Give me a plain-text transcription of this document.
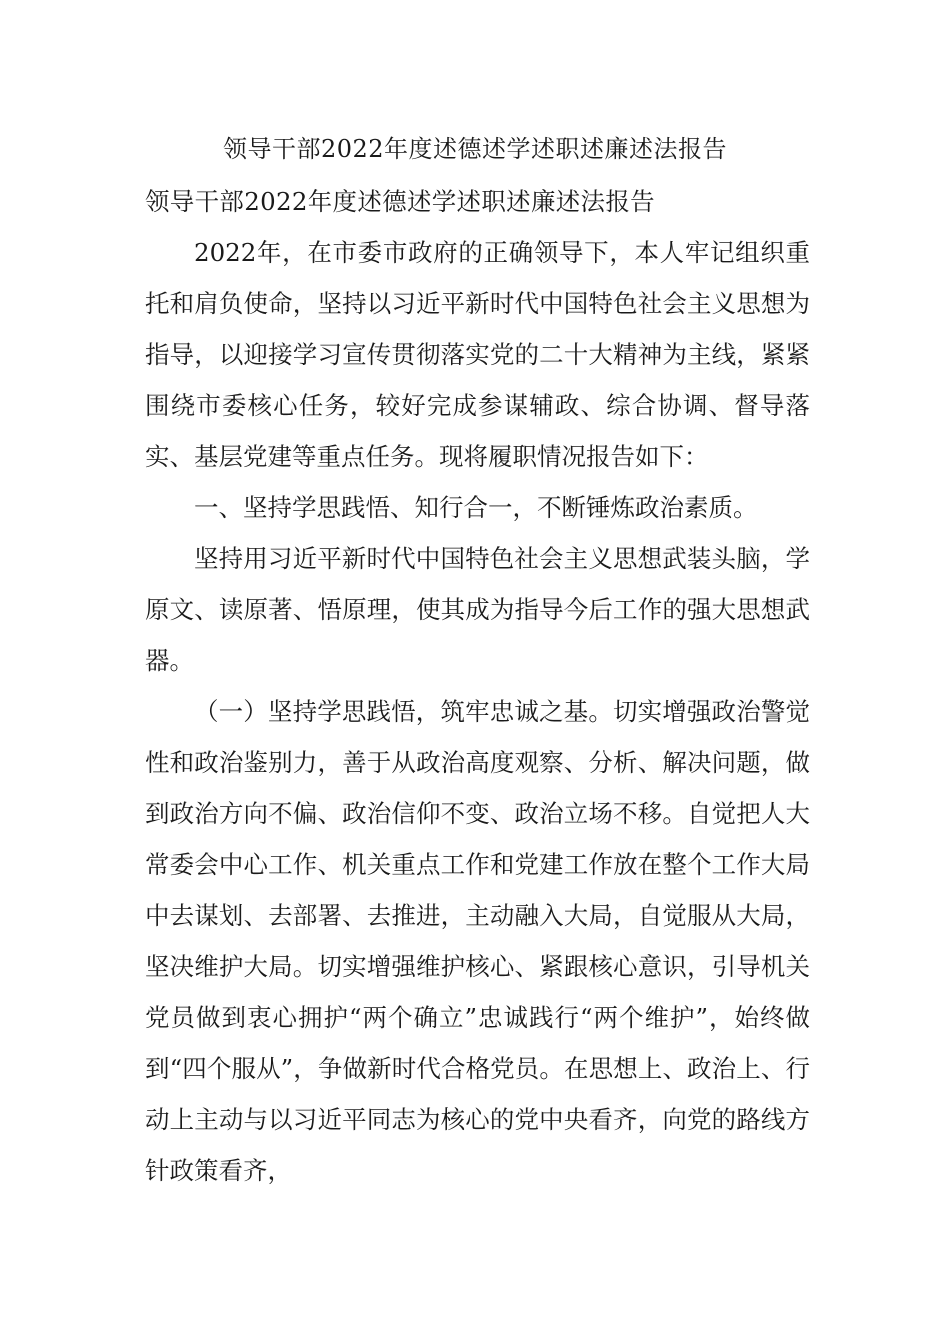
领导干部2022年度述德述学述职述廉述法报告

领导干部2022年度述德述学述职述廉述法报告

2022年，在市委市政府的正确领导下，本人牢记组织重托和肩负使命，坚持以习近平新时代中国特色社会主义思想为指导，以迎接学习宣传贯彻落实党的二十大精神为主线，紧紧围绕市委核心任务，较好完成参谋辅政、综合协调、督导落实、基层党建等重点任务。现将履职情况报告如下：

一、坚持学思践悟、知行合一，不断锤炼政治素质。

坚持用习近平新时代中国特色社会主义思想武装头脑，学原文、读原著、悟原理，使其成为指导今后工作的强大思想武器。

（一）坚持学思践悟，筑牢忠诚之基。切实增强政治警觉性和政治鉴别力，善于从政治高度观察、分析、解决问题，做到政治方向不偏、政治信仰不变、政治立场不移。自觉把人大常委会中心工作、机关重点工作和党建工作放在整个工作大局中去谋划、去部署、去推进，主动融入大局，自觉服从大局，坚决维护大局。切实增强维护核心、紧跟核心意识，引导机关党员做到衷心拥护“两个确立”忠诚践行“两个维护”，始终做到“四个服从”，争做新时代合格党员。在思想上、政治上、行动上主动与以习近平同志为核心的党中央看齐，向党的路线方针政策看齐，
